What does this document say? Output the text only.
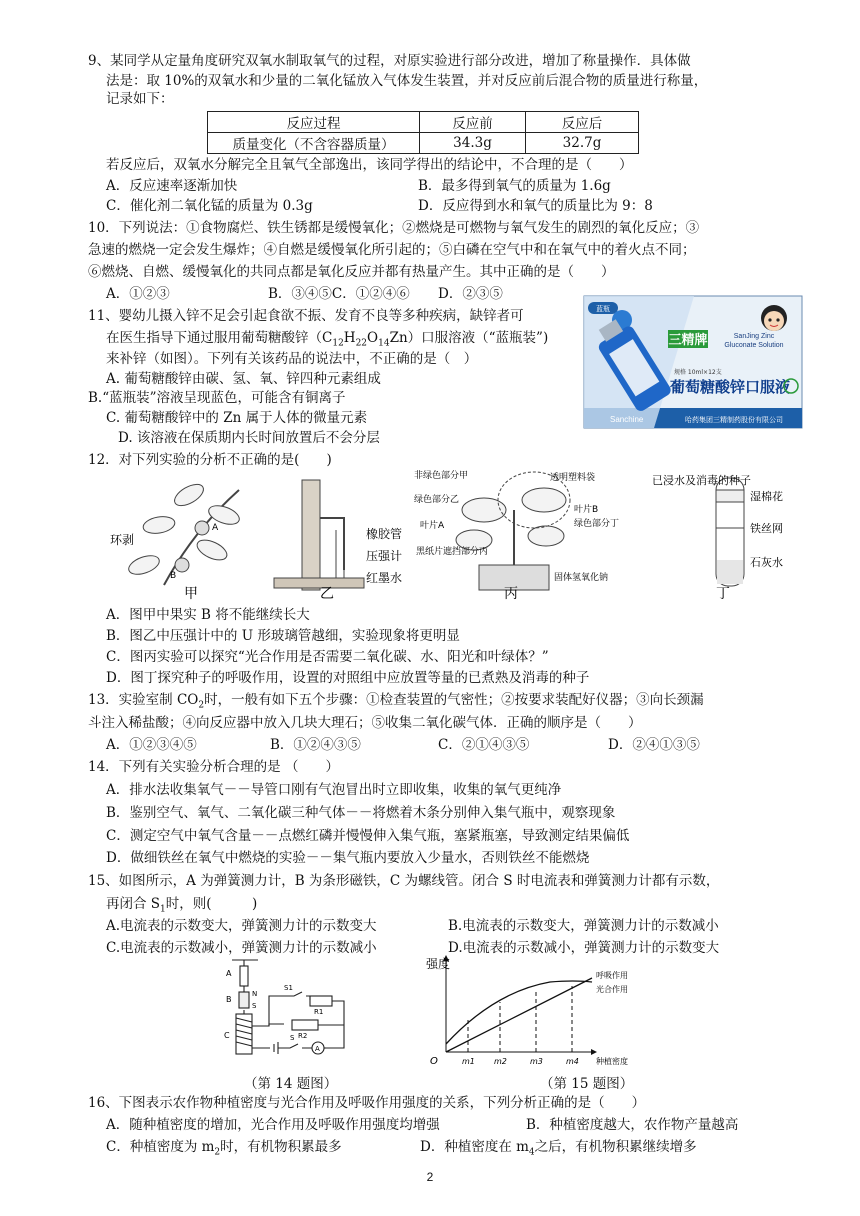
9、某同学从定量角度研究双氧水制取氧气的过程，对原实验进行部分改进，增加了称量操作．具体做
法是：取 10%的双氧水和少量的二氧化锰放入气体发生装置，并对反应前后混合物的质量进行称量，
记录如下：
反应过程	反应前	反应后
质量变化（不含容器质量）	34.3g	32.7g
若反应后，双氧水分解完全且氧气全部逸出，该同学得出的结论中，不合理的是（　　）
A．反应速率逐渐加快	B．最多得到氧气的质量为 1.6g
C．催化剂二氧化锰的质量为 0.3g	D．反应得到水和氧气的质量比为 9：8
10．下列说法：①食物腐烂、铁生锈都是缓慢氧化；②燃烧是可燃物与氧气发生的剧烈的氧化反应；③
急速的燃烧一定会发生爆炸；④自燃是缓慢氧化所引起的；⑤白磷在空气中和在氧气中的着火点不同；
⑥燃烧、自燃、缓慢氧化的共同点都是氧化反应并都有热量产生。其中正确的是（　　）
A．①②③	B．③④⑤C．①②④⑥ D．②③⑤
11、婴幼儿摄入锌不足会引起食欲不振、发育不良等多种疾病，缺锌者可
在医生指导下通过服用葡萄糖酸锌$(C_{12}H_{22}O_{14}Zn)$口服溶液（“蓝瓶装”)
来补锌（如图）。下列有关该药品的说法中，不正确的是（　）
A. 葡萄糖酸锌由碳、氢、氧、锌四种元素组成
B.“蓝瓶装”溶液呈现蓝色，可能含有铜离子
C. 葡萄糖酸锌中的 Zn 属于人体的微量元素
D. 该溶液在保质期内长时间放置后不会分层
蓝瓶
规格 10ml×12支
三精牌	SanJing Zinc
Gluconate Solution
葡萄糖酸锌口服液
Sanchine	哈药集团三精制药股份有限公司
12．对下列实验的分析不正确的是(　　)
环剥
A
B
橡胶管
压强计
红墨水
非绿色部分甲
绿色部分乙
叶片A
透明塑料袋
叶片B
绿色部分丁
黑纸片遮挡部分丙
固体氢氧化钠
已浸水及消毒的种子
湿棉花
铁丝网
石灰水
甲	乙	丙	丁
A．图甲中果实 B 将不能继续长大
B．图乙中压强计中的 U 形玻璃管越细，实验现象将更明显
C．图丙实验可以探究“光合作用是否需要二氧化碳、水、阳光和叶绿体？”
D．图丁探究种子的呼吸作用，设置的对照组中应放置等量的已煮熟及消毒的种子
13．实验室制 $CO_2$时，一般有如下五个步骤：①检查装置的气密性；②按要求装配好仪器；③向长颈漏
斗注入稀盐酸；④向反应器中放入几块大理石；⑤收集二氧化碳气体．正确的顺序是（　　）
A．①②③④⑤	B．①②④③⑤	C．②①④③⑤	D．②④①③⑤
14．下列有关实验分析合理的是 （　　）
A．排水法收集氧气－－导管口刚有气泡冒出时立即收集，收集的氧气更纯净
B．鉴别空气、氧气、二氧化碳三种气体－－将燃着木条分别伸入集气瓶中，观察现象
C．测定空气中氧气含量－－点燃红磷并慢慢伸入集气瓶，塞紧瓶塞，导致测定结果偏低
D．做细铁丝在氧气中燃烧的实验－－集气瓶内要放入少量水，否则铁丝不能燃烧
15、如图所示，A 为弹簧测力计，B 为条形磁铁，C 为螺线管。闭合 S 时电流表和弹簧测力计都有示数，
再闭合 $S_1$时，则(　　　)
A.电流表的示数变大，弹簧测力计的示数变大	B.电流表的示数变大，弹簧测力计的示数减小
C.电流表的示数减小，弹簧测力计的示数减小	D.电流表的示数减小，弹簧测力计的示数变大
A
B
N
S
S1
R1
R2
C	S
A
（第 14 题图）
强度
呼吸作用
光合作用
O	m1 m2	m3	m4 种植密度
（第 15 题图）
16、下图表示农作物种植密度与光合作用及呼吸作用强度的关系，下列分析正确的是（　　）
A．随种植密度的增加，光合作用及呼吸作用强度均增强	B．种植密度越大，农作物产量越高
C．种植密度为 $m_2$时，有机物积累最多	D．种植密度在 $m_4$之后，有机物积累继续增多
2
